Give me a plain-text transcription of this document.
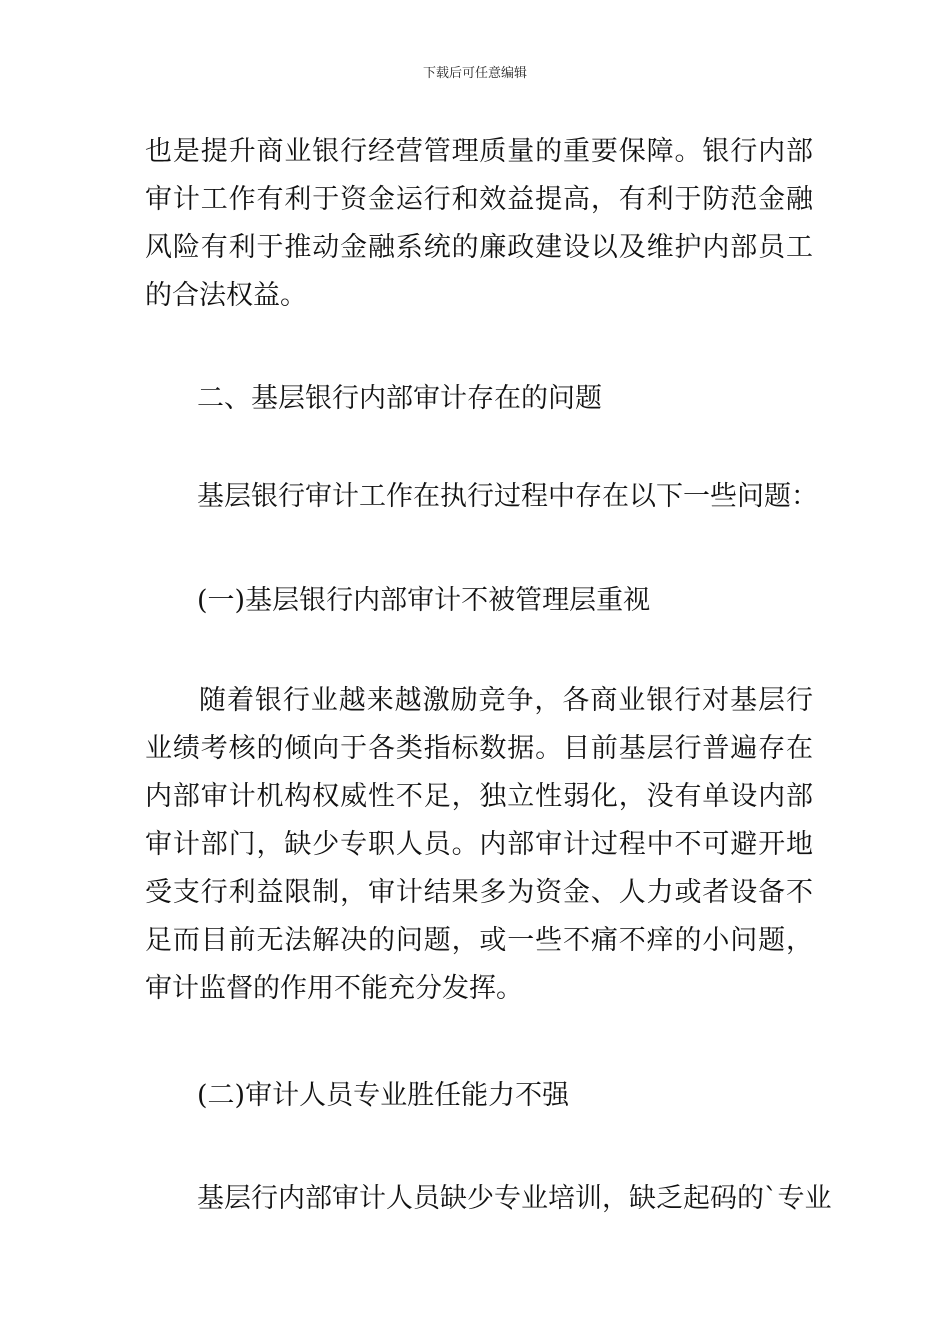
下载后可任意编辑

也是提升商业银行经营管理质量的重要保障。银行内部审计工作有利于资金运行和效益提高，有利于防范金融风险有利于推动金融系统的廉政建设以及维护内部员工的合法权益。

二、基层银行内部审计存在的问题

基层银行审计工作在执行过程中存在以下一些问题：

(一)基层银行内部审计不被管理层重视

随着银行业越来越激励竞争，各商业银行对基层行业绩考核的倾向于各类指标数据。目前基层行普遍存在内部审计机构权威性不足，独立性弱化，没有单设内部审计部门，缺少专职人员。内部审计过程中不可避开地受支行利益限制，审计结果多为资金、人力或者设备不足而目前无法解决的问题，或一些不痛不痒的小问题，审计监督的作用不能充分发挥。

(二)审计人员专业胜任能力不强

基层行内部审计人员缺少专业培训，缺乏起码的`专业
